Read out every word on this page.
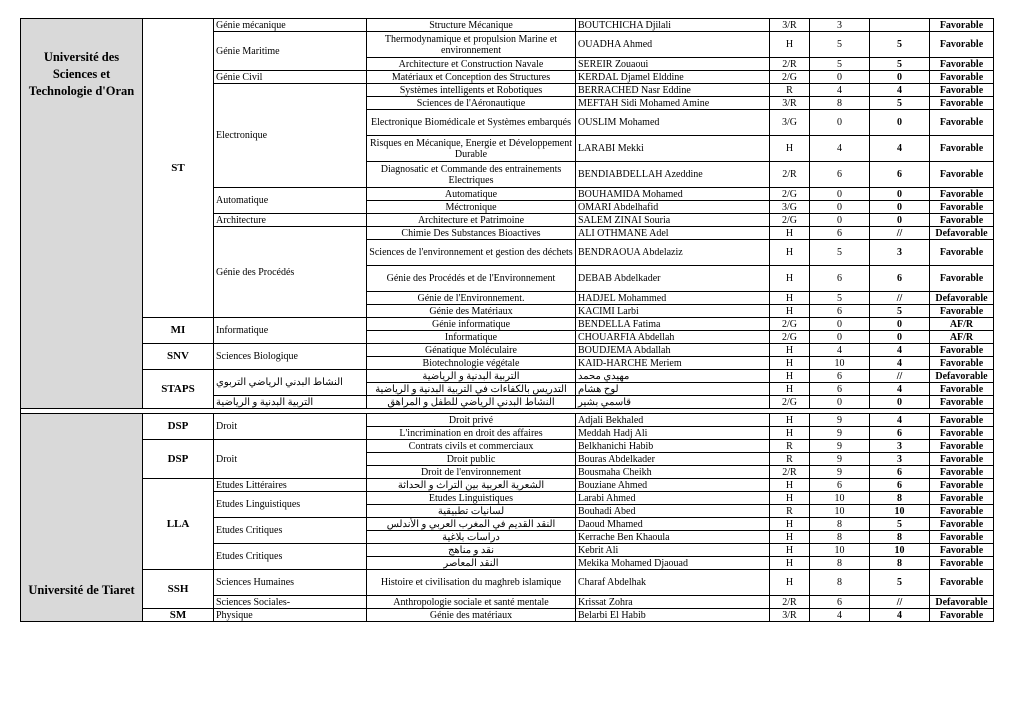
Université des Sciences et Technologie d'Oran	ST	Génie mécanique	Structure Mécanique	BOUTCHICHA Djilali	3/R	3		Favorable
		Génie Maritime	Thermodynamique et propulsion Marine et environnement	OUADHA Ahmed	H	5	5	Favorable
			Architecture et Construction Navale	SEREIR Zouaoui	2/R	5	5	Favorable
		Génie Civil	Matériaux et Conception des Structures	KERDAL Djamel Elddine	2/G	0	0	Favorable
		Electronique	Systèmes intelligents et Robotiques	BERRACHED Nasr Eddine	R	4	4	Favorable
			Sciences de l'Aéronautique	MEFTAH Sidi Mohamed Amine	3/R	8	5	Favorable
			Electronique Biomédicale et Systèmes embarqués	OUSLIM Mohamed	3/G	0	0	Favorable
			Risques en Mécanique, Energie et Développement Durable	LARABI Mekki	H	4	4	Favorable
			Diagnosatic et Commande des entrainements Electriques	BENDIABDELLAH Azeddine	2/R	6	6	Favorable
		Automatique	Automatique	BOUHAMIDA Mohamed	2/G	0	0	Favorable
			Méctronique	OMARI Abdelhafid	3/G	0	0	Favorable
		Architecture	Architecture et Patrimoine	SALEM ZINAI Souria	2/G	0	0	Favorable
		Génie des Procédés	Chimie Des Substances Bioactives	ALI OTHMANE Adel	H	6	//	Defavorable
			Sciences de l'environnement et gestion des déchets	BENDRAOUA Abdelaziz	H	5	3	Favorable
			Génie des Procédés et de l'Environnement	DEBAB Abdelkader	H	6	6	Favorable
			Génie de l'Environnement.	HADJEL Mohammed	H	5	//	Defavorable
			Génie des Matériaux	KACIMI Larbi	H	6	5	Favorable
	MI	Informatique	Génie informatique	BENDELLA Fatima	2/G	0	0	AF/R
			Informatique	CHOUARFIA Abdellah	2/G	0	0	AF/R
	SNV	Sciences Biologique	Génatique Moléculaire	BOUDJEMA Abdallah	H	4	4	Favorable
			Biotechnologie végétale	KAID-HARCHE Meriem	H	10	4	Favorable
	STAPS	النشاط البدني الرياضي التربوي	التربية البدنية و الرياضية	مهيدي محمد	H	6	//	Defavorable
			التدريس بالكفاءات في التربية البدنية و الرياضية	لوح هشام	H	6	4	Favorable
		التربية البدنية و الرياضية	النشاط البدني الرياضي للطفل و المراهق	قاسمي بشير	2/G	0	0	Favorable

Université de Tiaret	DSP	Droit	Droit privé	Adjali Bekhaled	H	9	4	Favorable
			L'incrimination en droit des affaires	Meddah Hadj Ali	H	9	6	Favorable
	DSP	Droit	Contrats civils et commerciaux	Belkhanichi Habib	R	9	3	Favorable
			Droit public	Bouras Abdelkader	R	9	3	Favorable
			Droit de l'environnement	Bousmaha Cheikh	2/R	9	6	Favorable
	LLA	Etudes Littéraires	الشعرية العربية بين التراث و الحداثة	Bouziane Ahmed	H	6	6	Favorable
		Etudes Linguistiques	Etudes Linguistiques	Larabi Ahmed	H	10	8	Favorable
			لسانيات تطبيقية	Bouhadi Abed	R	10	10	Favorable
		Etudes Critiques	النقد القديم في المغرب العربي و الأندلس	Daoud Mhamed	H	8	5	Favorable
			دراسات بلاغية	Kerrache Ben Khaoula	H	8	8	Favorable
		Etudes Critiques	نقد و مناهج	Kebrit Ali	H	10	10	Favorable
			النقد المعاصر	Mekika Mohamed Djaouad	H	8	8	Favorable
	SSH	Sciences Humaines	Histoire et civilisation du maghreb islamique	Charaf Abdelhak	H	8	5	Favorable
		Sciences Sociales-	Anthropologie sociale et santé mentale	Krissat Zohra	2/R	6	//	Defavorable
	SM	Physique	Génie des matériaux	Belarbi El Habib	3/R	4	4	Favorable
